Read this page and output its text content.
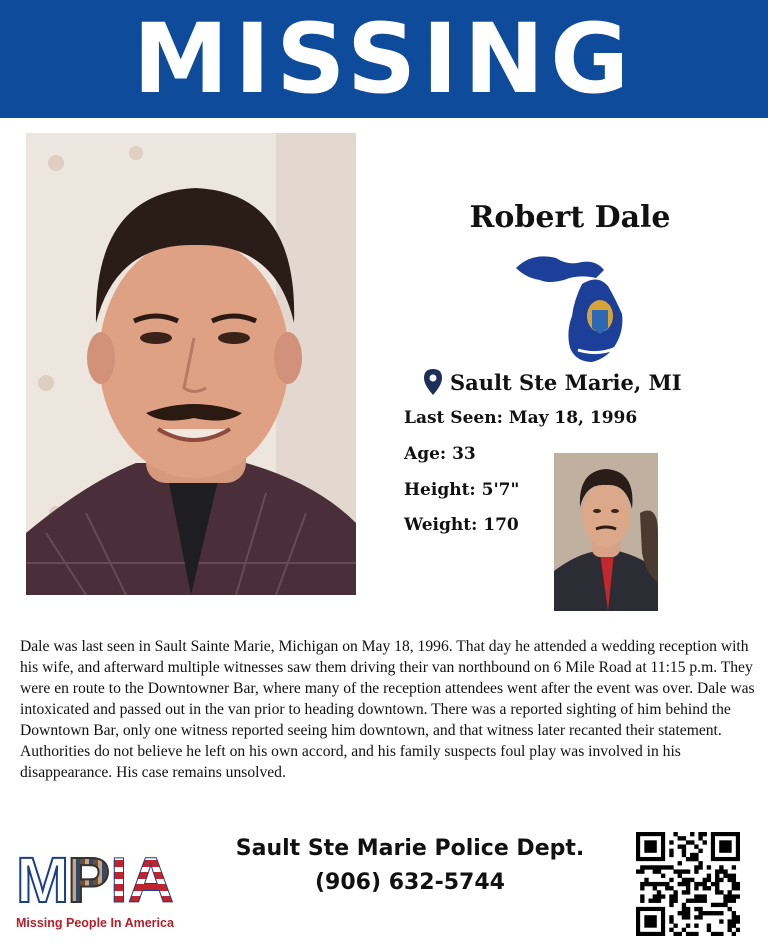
MISSING
Robert Dale
Sault Ste Marie, MI
Last Seen: May 18, 1996
Age: 33
Height: 5'7"
Weight: 170
Dale was last seen in Sault Sainte Marie, Michigan on May 18, 1996. That day he attended a wedding reception with his wife, and afterward multiple witnesses saw them driving their van northbound on 6 Mile Road at 11:15 p.m. They were en route to the Downtowner Bar, where many of the reception attendees went after the event was over. Dale was intoxicated and passed out in the van prior to heading downtown. There was a reported sighting of him behind the Downtown Bar, only one witness reported seeing him downtown, and that witness later recanted their statement. Authorities do not believe he left on his own accord, and his family suspects foul play was involved in his disappearance. His case remains unsolved.
M P IA
Missing People In America
Sault Ste Marie Police Dept.
(906) 632-5744
